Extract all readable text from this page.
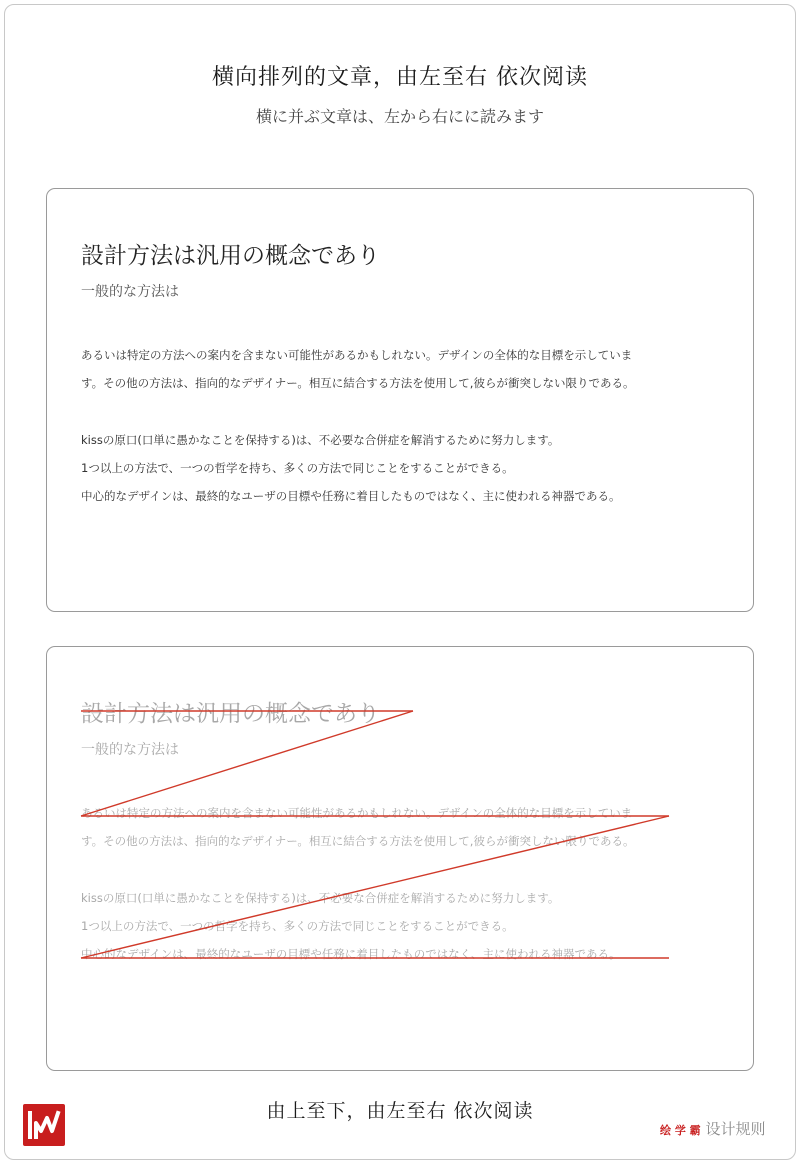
横向排列的文章，由左至右 依次阅读
横に并ぶ文章は、左から右にに読みます
設計方法は汎用の概念であり
一般的な方法は
あるいは特定の方法への案内を含まない可能性があるかもしれない。デザインの全体的な目標を示していま
す。その他の方法は、指向的なデザイナー。相互に結合する方法を使用して,彼らが衝突しない限りである。
kissの原口(口単に愚かなことを保持する)は、不必要な合併症を解消するために努力します。
1つ以上の方法で、一つの哲学を持ち、多くの方法で同じことをすることができる。
中心的なデザインは、最終的なユーザの目標や任務に着目したものではなく、主に使われる神器である。
設計方法は汎用の概念であり
一般的な方法は
あるいは特定の方法への案内を含まない可能性があるかもしれない。デザインの全体的な目標を示していま
す。その他の方法は、指向的なデザイナー。相互に結合する方法を使用して,彼らが衝突しない限りである。
kissの原口(口単に愚かなことを保持する)は、不必要な合併症を解消するために努力します。
1つ以上の方法で、一つの哲学を持ち、多くの方法で同じことをすることができる。
中心的なデザインは、最終的なユーザの目標や任務に着目したものではなく、主に使われる神器である。
由上至下，由左至右 依次阅读
绘 学 霸 设计规则
